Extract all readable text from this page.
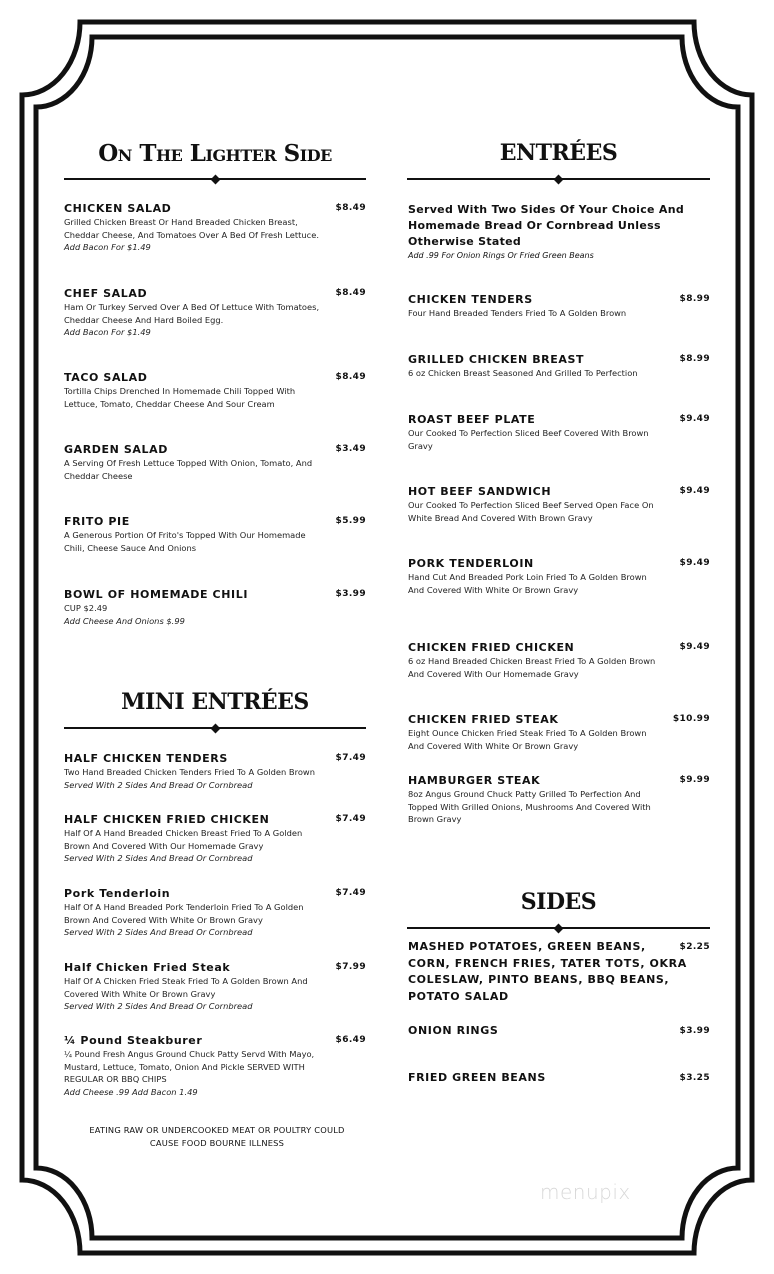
On The Lighter Side
MINI ENTRÉES
ENTRÉES
SIDES
CHICKEN SALAD	$8.49
Grilled Chicken Breast Or Hand Breaded Chicken Breast,
Cheddar Cheese, And Tomatoes Over A Bed Of Fresh Lettuce.
Add Bacon For $1.49
CHEF SALAD	$8.49
Ham Or Turkey Served Over A Bed Of Lettuce With Tomatoes,
Cheddar Cheese And Hard Boiled Egg.
Add Bacon For $1.49
TACO SALAD	$8.49
Tortilla Chips Drenched In Homemade Chili Topped With
Lettuce, Tomato, Cheddar Cheese And Sour Cream
GARDEN SALAD	$3.49
A Serving Of Fresh Lettuce Topped With Onion, Tomato, And
Cheddar Cheese
FRITO PIE	$5.99
A Generous Portion Of Frito's Topped With Our Homemade
Chili, Cheese Sauce And Onions
BOWL OF HOMEMADE CHILI	$3.99
CUP $2.49
Add Cheese And Onions $.99
HALF CHICKEN TENDERS	$7.49
Two Hand Breaded Chicken Tenders Fried To A Golden Brown
Served With 2 Sides And Bread Or Cornbread
HALF CHICKEN FRIED CHICKEN	$7.49
Half Of A Hand Breaded Chicken Breast Fried To A Golden
Brown And Covered With Our Homemade Gravy
Served With 2 Sides And Bread Or Cornbread
Pork Tenderloin	$7.49
Half Of A Hand Breaded Pork Tenderloin Fried To A Golden
Brown And Covered With White Or Brown Gravy
Served With 2 Sides And Bread Or Cornbread
Half Chicken Fried Steak	$7.99
Half Of A Chicken Fried Steak Fried To A Golden Brown And
Covered With White Or Brown Gravy
Served With 2 Sides And Bread Or Cornbread
¼ Pound Steakburer	$6.49
¼ Pound Fresh Angus Ground Chuck Patty Servd With Mayo,
Mustard, Lettuce, Tomato, Onion And Pickle SERVED WITH
REGULAR OR BBQ CHIPS
Add Cheese .99 Add Bacon 1.49
CHICKEN TENDERS	$8.99
Four Hand Breaded Tenders Fried To A Golden Brown
GRILLED CHICKEN BREAST	$8.99
6 oz Chicken Breast Seasoned And Grilled To Perfection
ROAST BEEF PLATE	$9.49
Our Cooked To Perfection Sliced Beef Covered With Brown
Gravy
HOT BEEF SANDWICH	$9.49
Our Cooked To Perfection Sliced Beef Served Open Face On
White Bread And Covered With Brown Gravy
PORK TENDERLOIN	$9.49
Hand Cut And Breaded Pork Loin Fried To A Golden Brown
And Covered With White Or Brown Gravy
CHICKEN FRIED CHICKEN	$9.49
6 oz Hand Breaded Chicken Breast Fried To A Golden Brown
And Covered With Our Homemade Gravy
CHICKEN FRIED STEAK	$10.99
Eight Ounce Chicken Fried Steak Fried To A Golden Brown
And Covered With White Or Brown Gravy
HAMBURGER STEAK	$9.99
8oz Angus Ground Chuck Patty Grilled To Perfection And
Topped With Grilled Onions, Mushrooms And Covered With
Brown Gravy
MASHED POTATOES, GREEN BEANS,
CORN, FRENCH FRIES, TATER TOTS, OKRA
COLESLAW, PINTO BEANS, BBQ BEANS,
POTATO SALAD
$2.25
ONION RINGS	$3.99
FRIED GREEN BEANS	$3.25
Served With Two Sides Of Your Choice And
Homemade Bread Or Cornbread Unless
Otherwise Stated
Add .99 For Onion Rings Or Fried Green Beans
EATING RAW OR UNDERCOOKED MEAT OR POULTRY COULD
CAUSE FOOD BOURNE ILLNESS
menupix
